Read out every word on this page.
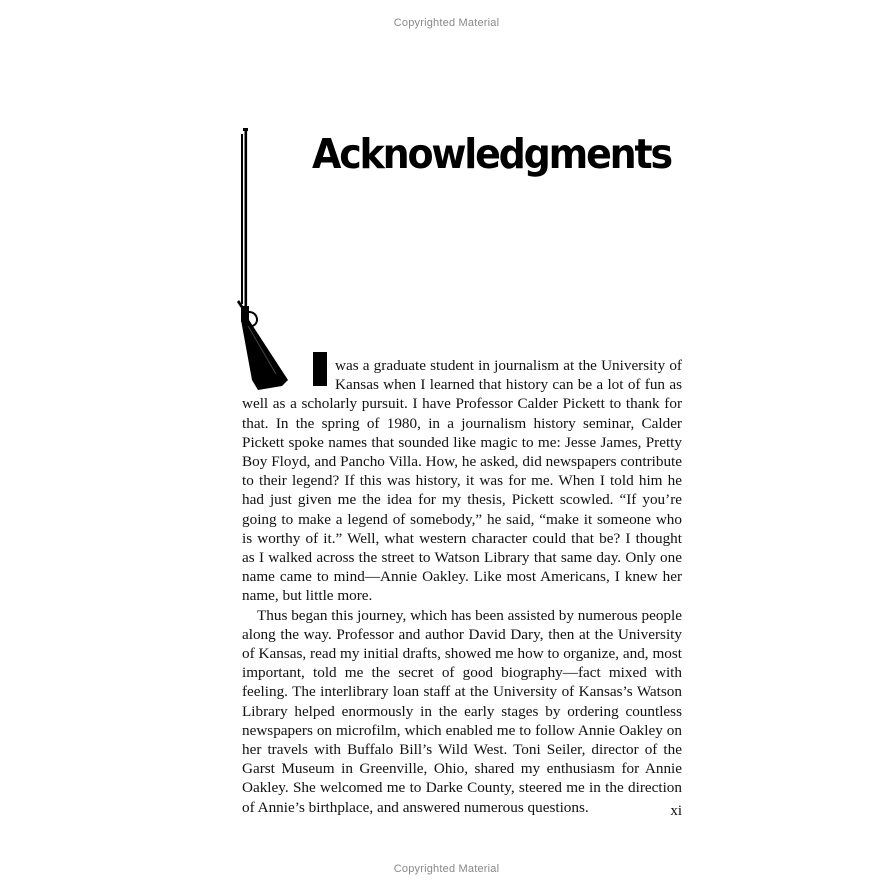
Copyrighted Material
Acknowledgments

was a graduate student in journalism at the University of Kansas when I learned that history can be a lot of fun as well as a scholarly pursuit. I have Professor Calder Pickett to thank for that. In the spring of 1980, in a journalism history seminar, Calder Pickett spoke names that sounded like magic to me: Jesse James, Pretty Boy Floyd, and Pancho Villa. How, he asked, did newspapers contribute to their legend? If this was history, it was for me. When I told him he had just given me the idea for my thesis, Pickett scowled. “If you’re going to make a legend of somebody,” he said, “make it someone who is worthy of it.” Well, what western character could that be? I thought as I walked across the street to Watson Library that same day. Only one name came to mind—Annie Oakley. Like most Americans, I knew her name, but little more.

Thus began this journey, which has been assisted by numerous people along the way. Professor and author David Dary, then at the University of Kansas, read my initial drafts, showed me how to organize, and, most important, told me the secret of good biography—fact mixed with feeling. The interlibrary loan staff at the University of Kansas’s Watson Library helped enormously in the early stages by ordering countless newspapers on microfilm, which enabled me to follow Annie Oakley on her travels with Buffalo Bill’s Wild West. Toni Seiler, director of the Garst Museum in Greenville, Ohio, shared my enthusiasm for Annie Oakley. She welcomed me to Darke County, steered me in the direction of Annie’s birthplace, and answered numerous questions.	xi
Copyrighted Material
